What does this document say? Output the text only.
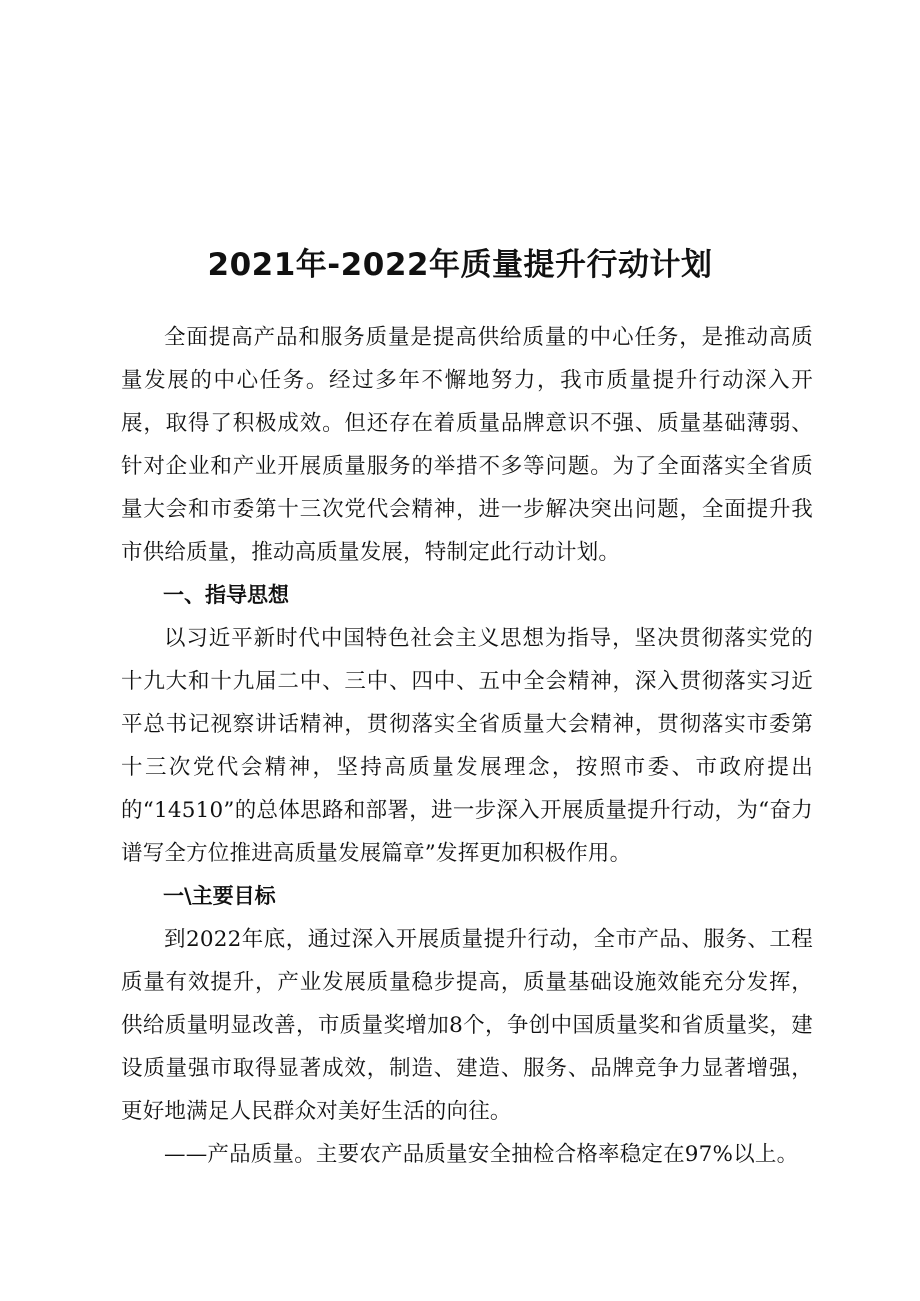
2021年-2022年质量提升行动计划

全面提高产品和服务质量是提高供给质量的中心任务，是推动高质量发展的中心任务。经过多年不懈地努力，我市质量提升行动深入开展，取得了积极成效。但还存在着质量品牌意识不强、质量基础薄弱、针对企业和产业开展质量服务的举措不多等问题。为了全面落实全省质量大会和市委第十三次党代会精神，进一步解决突出问题，全面提升我市供给质量，推动高质量发展，特制定此行动计划。

一、指导思想

以习近平新时代中国特色社会主义思想为指导，坚决贯彻落实党的十九大和十九届二中、三中、四中、五中全会精神，深入贯彻落实习近平总书记视察讲话精神，贯彻落实全省质量大会精神，贯彻落实市委第十三次党代会精神，坚持高质量发展理念，按照市委、市政府提出的“14510”的总体思路和部署，进一步深入开展质量提升行动，为“奋力谱写全方位推进高质量发展篇章”发挥更加积极作用。

一\主要目标

到2022年底，通过深入开展质量提升行动，全市产品、服务、工程质量有效提升，产业发展质量稳步提高，质量基础设施效能充分发挥，供给质量明显改善，市质量奖增加8个，争创中国质量奖和省质量奖，建设质量强市取得显著成效，制造、建造、服务、品牌竞争力显著增强，更好地满足人民群众对美好生活的向往。

——产品质量。主要农产品质量安全抽检合格率稳定在97%以上。
